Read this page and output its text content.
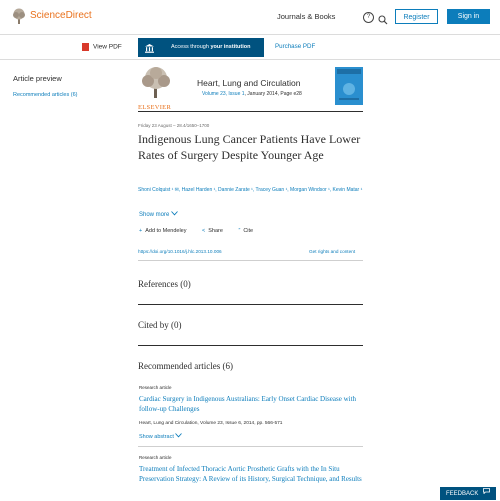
ScienceDirect	Journals & Books	?	Register	Sign in
View PDF	Access through your institution	Purchase PDF
Article preview
Recommended articles (6)
ELSEVIER
Heart, Lung and Circulation
Volume 23, Issue 1, January 2014, Page e28
Friday 23 August – 28.4/1650–1700
Indigenous Lung Cancer Patients Have Lower Rates of Surgery Despite Younger Age
Shoni Colquist ¹ ✉, Hazel Harden ¹, Dannie Zarate ¹, Tracey Guan ¹, Morgan Windsor ¹, Kevin Matar ¹
Show more
+ Add to Mendeley	< Share	” Cite
https://doi.org/10.1016/j.hlc.2013.10.006	Get rights and content
References (0)
Cited by (0)
Recommended articles (6)
Research article
Cardiac Surgery in Indigenous Australians: Early Onset Cardiac Disease with follow-up Challenges
Heart, Lung and Circulation, Volume 23, Issue 6, 2014, pp. 566-571
Show abstract
Research article
Treatment of Infected Thoracic Aortic Prosthetic Grafts with the In Situ Preservation Strategy: A Review of its History, Surgical Technique, and Results
FEEDBACK
